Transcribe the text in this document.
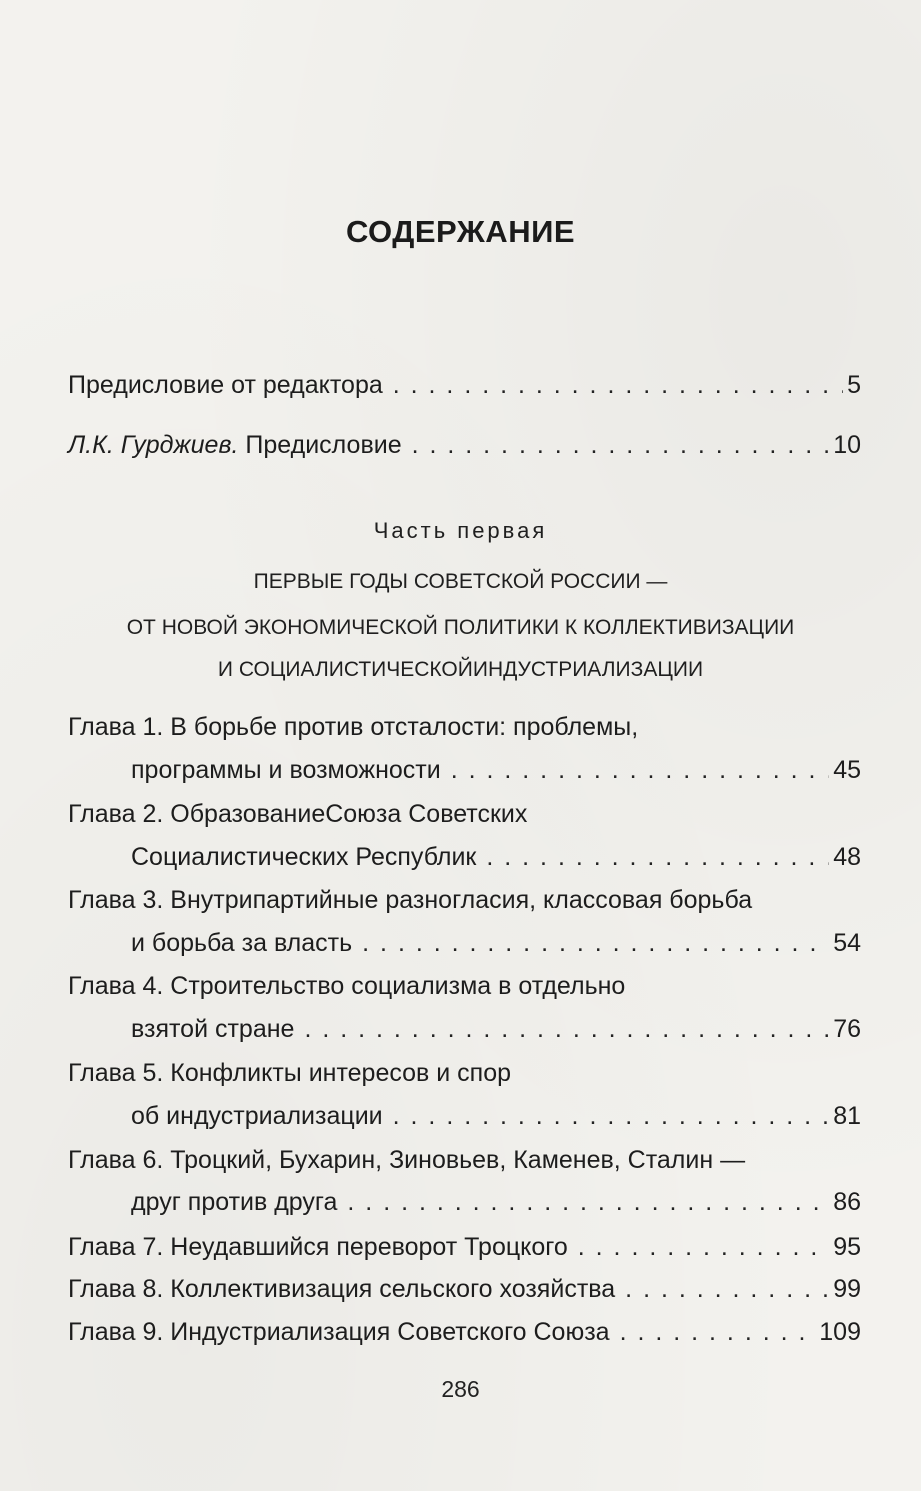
СОДЕРЖАНИЕ
Предисловие от редактора . . .	5
Л.К. Гурджиев. Предисловие . . .	10
Часть первая
ПЕРВЫЕ ГОДЫ СОВЕТСКОЙ РОССИИ —
ОТ НОВОЙ ЭКОНОМИЧЕСКОЙ ПОЛИТИКИ К КОЛЛЕКТИВИЗАЦИИ
И СОЦИАЛИСТИЧЕСКОЙИНДУСТРИАЛИЗАЦИИ
Глава 1. В борьбе против отсталости: проблемы,
программы и возможности . . .	45
Глава 2. ОбразованиеСоюза Советских
Социалистических Республик . . .	48
Глава 3. Внутрипартийные разногласия, классовая борьба
и борьба за власть . . .	54
Глава 4. Строительство социализма в отдельно
взятой стране . . .	76
Глава 5. Конфликты интересов и спор
об индустриализации . . .	81
Глава 6. Троцкий, Бухарин, Зиновьев, Каменев, Сталин —
друг против друга . . .	86
Глава 7. Неудавшийся переворот Троцкого . . .	95
Глава 8. Коллективизация сельского хозяйства . . .	99
Глава 9. Индустриализация Советского Союза . . .	109
286
